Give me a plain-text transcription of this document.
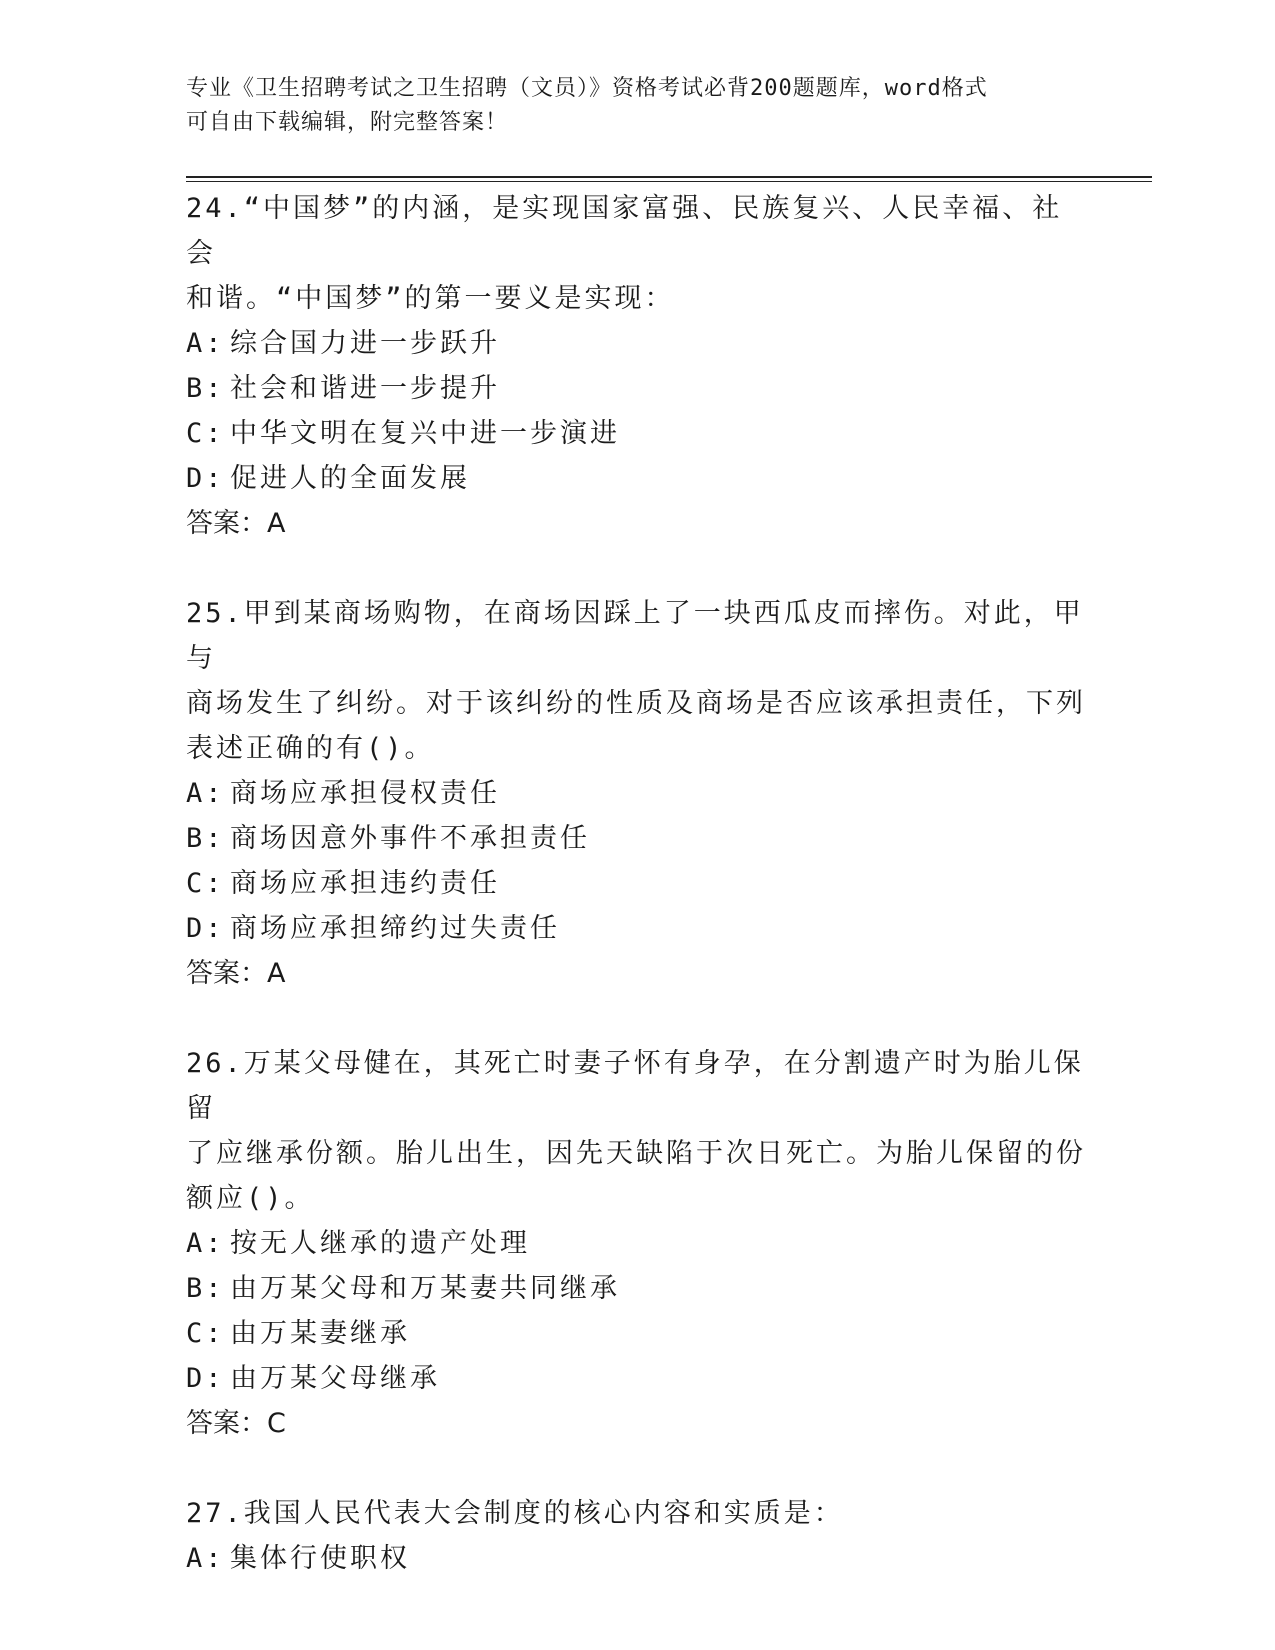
专业《卫生招聘考试之卫生招聘（文员）》资格考试必背200题题库，word格式
可自由下载编辑，附完整答案！

24.“中国梦”的内涵，是实现国家富强、民族复兴、人民幸福、社会

和谐。“中国梦”的第一要义是实现：

A: 综合国力进一步跃升

B: 社会和谐进一步提升

C: 中华文明在复兴中进一步演进

D: 促进人的全面发展

答案：A

25.甲到某商场购物，在商场因踩上了一块西瓜皮而摔伤。对此，甲与

商场发生了纠纷。对于该纠纷的性质及商场是否应该承担责任，下列

表述正确的有()。

A: 商场应承担侵权责任

B: 商场因意外事件不承担责任

C: 商场应承担违约责任

D: 商场应承担缔约过失责任

答案：A

26.万某父母健在，其死亡时妻子怀有身孕，在分割遗产时为胎儿保留

了应继承份额。胎儿出生，因先天缺陷于次日死亡。为胎儿保留的份

额应()。

A: 按无人继承的遗产处理

B: 由万某父母和万某妻共同继承

C: 由万某妻继承

D: 由万某父母继承

答案：C

27.我国人民代表大会制度的核心内容和实质是：

A: 集体行使职权
